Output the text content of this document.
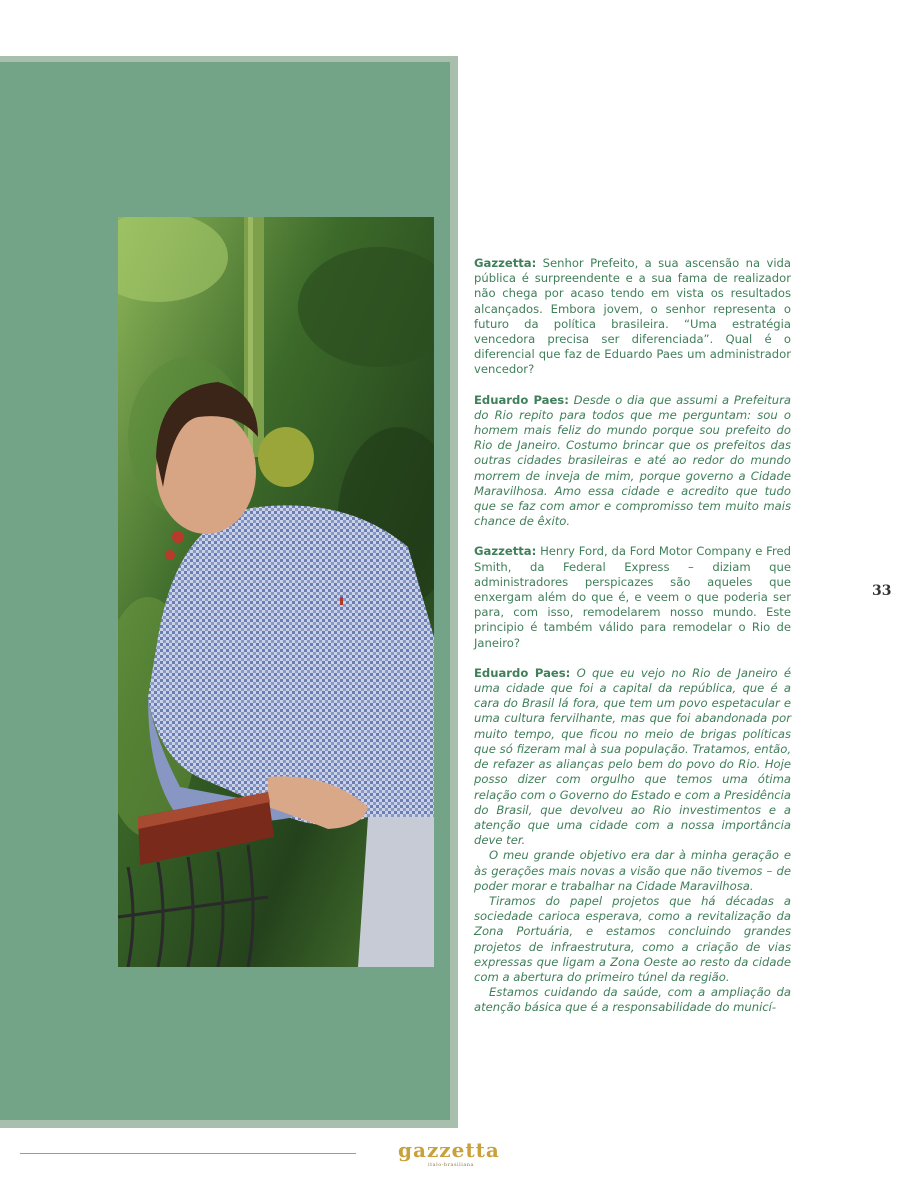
Gazzetta: Senhor Prefeito, a sua ascensão na vida pública é surpreendente e a sua fama de realizador não chega por acaso tendo em vista os resultados alcançados. Embora jovem, o senhor representa o futuro da política brasileira. “Uma estratégia vencedora precisa ser diferenciada”. Qual é o diferencial que faz de Eduardo Paes um administrador vencedor?

Eduardo Paes: Desde o dia que assumi a Prefeitura do Rio repito para todos que me perguntam: sou o homem mais feliz do mundo porque sou prefeito do Rio de Janeiro. Costumo brincar que os prefeitos das outras cidades brasileiras e até ao redor do mundo morrem de inveja de mim, porque governo a Cidade Maravilhosa. Amo essa cidade e acredito que tudo que se faz com amor e compromisso tem muito mais chance de êxito.

Gazzetta: Henry Ford, da Ford Motor Company e Fred Smith, da Federal Express – diziam que administradores perspicazes são aqueles que enxergam além do que é, e veem o que poderia ser para, com isso, remodelarem nosso mundo. Este principio é também válido para remodelar o Rio de Janeiro?

Eduardo Paes: O que eu vejo no Rio de Janeiro é uma cidade que foi a capital da república, que é a cara do Brasil lá fora, que tem um povo espetacular e uma cultura fervilhante, mas que foi abandonada por muito tempo, que ficou no meio de brigas políticas que só fizeram mal à sua população. Tratamos, então, de refazer as alianças pelo bem do povo do Rio. Hoje posso dizer com orgulho que temos uma ótima relação com o Governo do Estado e com a Presidência do Brasil, que devolveu ao Rio investimentos e a atenção que uma cidade com a nossa importância deve ter.

O meu grande objetivo era dar à minha geração e às gerações mais novas a visão que não tivemos – de poder morar e trabalhar na Cidade Maravilhosa.

Tiramos do papel projetos que há décadas a sociedade carioca esperava, como a revitalização da Zona Portuária, e estamos concluindo grandes projetos de infraestrutura, como a criação de vias expressas que ligam a Zona Oeste ao resto da cidade com a abertura do primeiro túnel da região.

Estamos cuidando da saúde, com a ampliação da atenção básica que é a responsabilidade do municí-

33
gazzetta
italo-brasiliana
